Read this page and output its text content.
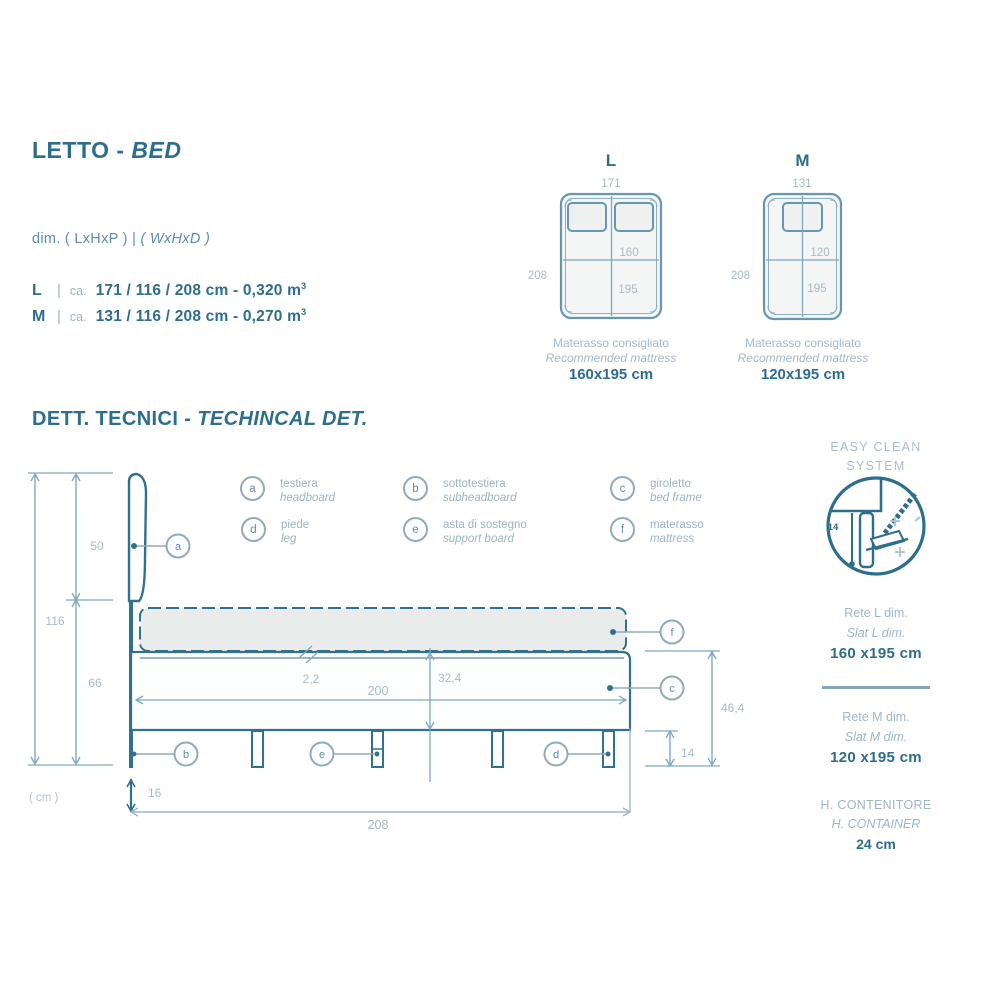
171
208
160
195
131
208
120
195
116
50
66	2,2
200
32,4
46,4
14
16
208
( cm )
a
b	e	d
f
c
14
LETTO - BED
dim. ( LxHxP ) | ( WxHxD )
L	| ca. 171 / 116 / 208 cm - 0,320 $m^3$
M | ca. 131 / 116 / 208 cm - 0,270 $m^3$
L	M
Materasso consigliato
Recommended mattress
160x195 cm
Materasso consigliato
Recommended mattress
120x195 cm
DETT. TECNICI - TECHINCAL DET.
a	testiera
headboard
b	sottotestiera
subheadboard
c	giroletto
bed frame
d	piede
leg
e	asta di sostegno
support board
f	materasso
mattress
EASY CLEAN
SYSTEM
Rete L dim.
Slat L dim.
160 x195 cm
Rete M dim.
Slat M dim.
120 x195 cm
H. CONTENITORE
H. CONTAINER
24 cm
